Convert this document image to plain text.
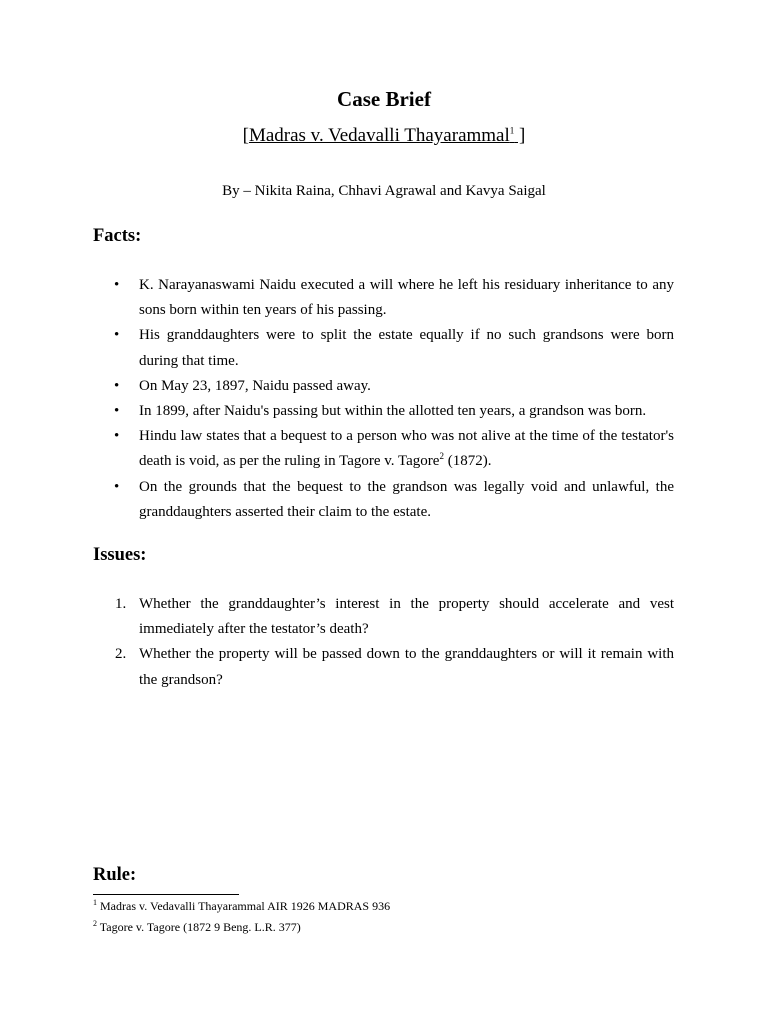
Case Brief
[Madras v. Vedavalli Thayarammal$^1$ ]
By – Nikita Raina, Chhavi Agrawal and Kavya Saigal
Facts:
• K. Narayanaswami Naidu executed a will where he left his residuary inheritance to any sons born within ten years of his passing.
• His granddaughters were to split the estate equally if no such grandsons were born during that time.
• On May 23, 1897, Naidu passed away.
• In 1899, after Naidu's passing but within the allotted ten years, a grandson was born.
• Hindu law states that a bequest to a person who was not alive at the time of the testator's death is void, as per the ruling in Tagore v. Tagore$^2$ (1872).
• On the grounds that the bequest to the grandson was legally void and unlawful, the granddaughters asserted their claim to the estate.
Issues:
1. Whether the granddaughter’s interest in the property should accelerate and vest immediately after the testator’s death?
2. Whether the property will be passed down to the granddaughters or will it remain with the grandson?
Rule:
$^1$ Madras v. Vedavalli Thayarammal AIR 1926 MADRAS 936
$^2$ Tagore v. Tagore (1872 9 Beng. L.R. 377)
